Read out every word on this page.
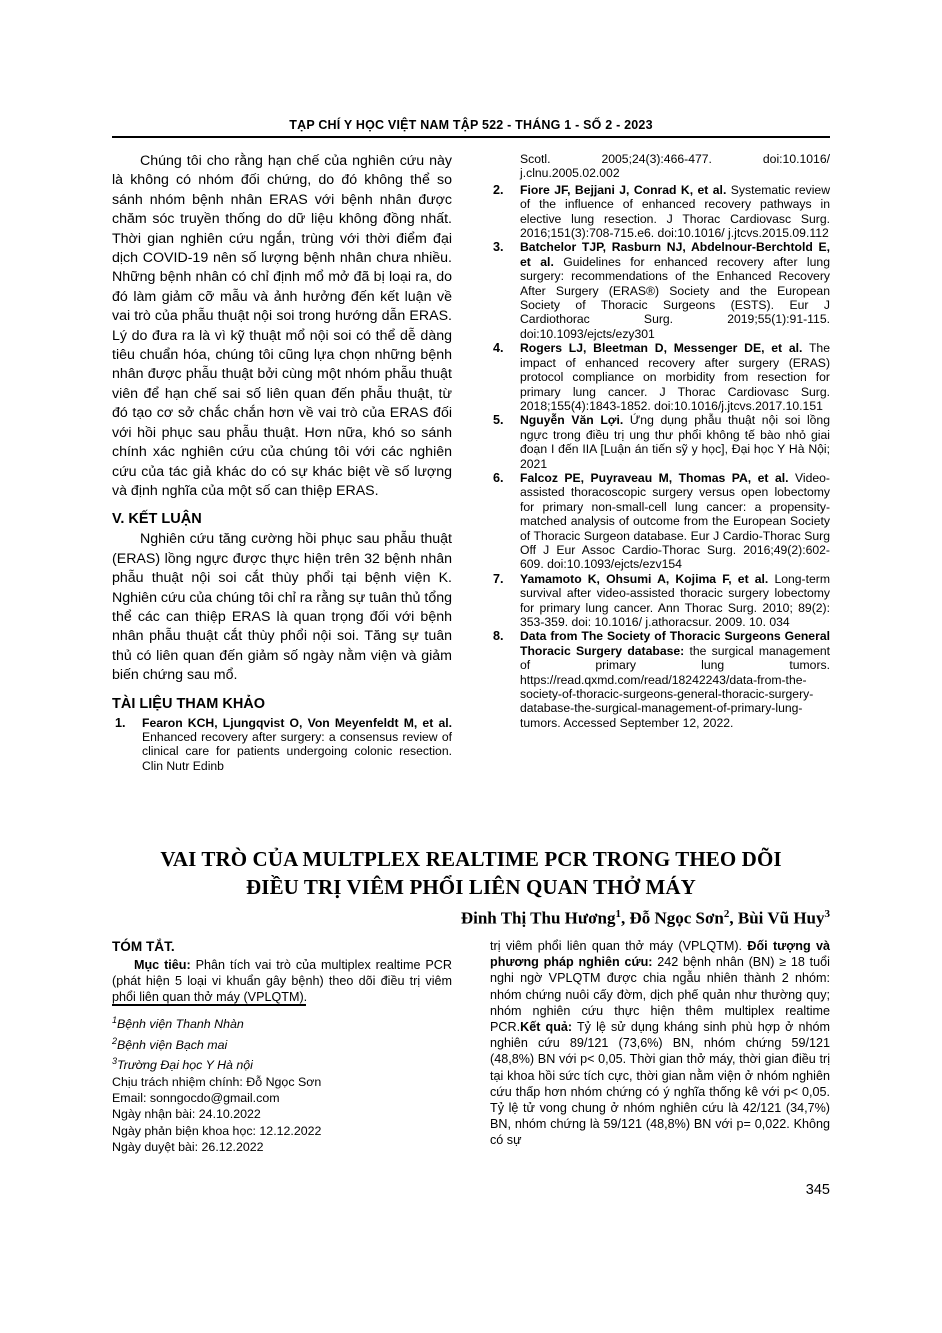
TẠP CHÍ Y HỌC VIỆT NAM TẬP 522 - THÁNG 1 - SỐ 2 - 2023

Chúng tôi cho rằng hạn chế của nghiên cứu này là không có nhóm đối chứng, do đó không thể so sánh nhóm bệnh nhân ERAS với bệnh nhân được chăm sóc truyền thống do dữ liệu không đồng nhất. Thời gian nghiên cứu ngắn, trùng với thời điểm đại dịch COVID-19 nên số lượng bệnh nhân chưa nhiều. Những bệnh nhân có chỉ định mổ mở đã bị loại ra, do đó làm giảm cỡ mẫu và ảnh hưởng đến kết luận về vai trò của phẫu thuật nội soi trong hướng dẫn ERAS. Lý do đưa ra là vì kỹ thuật mổ nội soi có thể dễ dàng tiêu chuẩn hóa, chúng tôi cũng lựa chọn những bệnh nhân được phẫu thuật bởi cùng một nhóm phẫu thuật viên để hạn chế sai số liên quan đến phẫu thuật, từ đó tạo cơ sở chắc chắn hơn về vai trò của ERAS đối với hồi phục sau phẫu thuật. Hơn nữa, khó so sánh chính xác nghiên cứu của chúng tôi với các nghiên cứu của tác giả khác do có sự khác biệt về số lượng và định nghĩa của một số can thiệp ERAS.

V. KẾT LUẬN

Nghiên cứu tăng cường hồi phục sau phẫu thuật (ERAS) lồng ngực được thực hiện trên 32 bệnh nhân phẫu thuật nội soi cắt thùy phổi tại bệnh viện K. Nghiên cứu của chúng tôi chỉ ra rằng sự tuân thủ tổng thể các can thiệp ERAS là quan trọng đối với bệnh nhân phẫu thuật cắt thùy phổi nội soi. Tăng sự tuân thủ có liên quan đến giảm số ngày nằm viện và giảm biến chứng sau mổ.

TÀI LIỆU THAM KHẢO
1. Fearon KCH, Ljungqvist O, Von Meyenfeldt M, et al. Enhanced recovery after surgery: a consensus review of clinical care for patients undergoing colonic resection. Clin Nutr Edinb
Scotl. 2005;24(3):466-477. doi:10.1016/ j.clnu.2005.02.002
2. Fiore JF, Bejjani J, Conrad K, et al. Systematic review of the influence of enhanced recovery pathways in elective lung resection. J Thorac Cardiovasc Surg. 2016;151(3):708-715.e6. doi:10.1016/ j.jtcvs.2015.09.112
3. Batchelor TJP, Rasburn NJ, Abdelnour-Berchtold E, et al. Guidelines for enhanced recovery after lung surgery: recommendations of the Enhanced Recovery After Surgery (ERAS®) Society and the European Society of Thoracic Surgeons (ESTS). Eur J Cardiothorac Surg. 2019;55(1):91-115. doi:10.1093/ejcts/ezy301
4. Rogers LJ, Bleetman D, Messenger DE, et al. The impact of enhanced recovery after surgery (ERAS) protocol compliance on morbidity from resection for primary lung cancer. J Thorac Cardiovasc Surg. 2018;155(4):1843-1852. doi:10.1016/j.jtcvs.2017.10.151
5. Nguyễn Văn Lợi. Ứng dụng phẫu thuật nội soi lồng ngực trong điều trị ung thư phổi không tế bào nhỏ giai đoạn I đến IIA [Luận án tiến sỹ y học], Đại học Y Hà Nội; 2021
6. Falcoz PE, Puyraveau M, Thomas PA, et al. Video-assisted thoracoscopic surgery versus open lobectomy for primary non-small-cell lung cancer: a propensity-matched analysis of outcome from the European Society of Thoracic Surgeon database. Eur J Cardio-Thorac Surg Off J Eur Assoc Cardio-Thorac Surg. 2016;49(2):602-609. doi:10.1093/ejcts/ezv154
7. Yamamoto K, Ohsumi A, Kojima F, et al. Long-term survival after video-assisted thoracic surgery lobectomy for primary lung cancer. Ann Thorac Surg. 2010; 89(2): 353-359. doi: 10.1016/ j.athoracsur. 2009. 10. 034
8. Data from The Society of Thoracic Surgeons General Thoracic Surgery database: the surgical management of primary lung tumors. https://read.qxmd.com/read/18242243/data-from-the-society-of-thoracic-surgeons-general-thoracic-surgery-database-the-surgical-management-of-primary-lung-tumors. Accessed September 12, 2022.
VAI TRÒ CỦA MULTPLEX REALTIME PCR TRONG THEO DÕI
ĐIỀU TRỊ VIÊM PHỔI LIÊN QUAN THỞ MÁY
Đinh Thị Thu Hương$^1$, Đỗ Ngọc Sơn$^2$, Bùi Vũ Huy$^3$
TÓM TẮT.

Mục tiêu: Phân tích vai trò của multiplex realtime PCR (phát hiện 5 loại vi khuẩn gây bệnh) theo dõi điều trị viêm phổi liên quan thở máy (VPLQTM).

trị viêm phổi liên quan thở máy (VPLQTM). Đối tượng và phương pháp nghiên cứu: 242 bệnh nhân (BN) ≥ 18 tuổi nghi ngờ VPLQTM được chia ngẫu nhiên thành 2 nhóm: nhóm chứng nuôi cấy đờm, dịch phế quản như thường quy; nhóm nghiên cứu thực hiện thêm multiplex realtime PCR.Kết quả: Tỷ lệ sử dụng kháng sinh phù hợp ở nhóm nghiên cứu 89/121 (73,6%) BN, nhóm chứng 59/121 (48,8%) BN với p< 0,05. Thời gian thở máy, thời gian điều trị tại khoa hồi sức tích cực, thời gian nằm viện ở nhóm nghiên cứu thấp hơn nhóm chứng có ý nghĩa thống kê với p< 0,05. Tỷ lệ tử vong chung ở nhóm nghiên cứu là 42/121 (34,7%) BN, nhóm chứng là 59/121 (48,8%) BN với p= 0,022. Không có sự

$^1$Bệnh viện Thanh Nhàn
$^2$Bệnh viện Bạch mai
$^3$Trường Đại học Y Hà nội
Chịu trách nhiệm chính: Đỗ Ngọc Sơn
Email: sonngocdo@gmail.com
Ngày nhận bài: 24.10.2022
Ngày phản biện khoa học: 12.12.2022
Ngày duyệt bài: 26.12.2022
345
